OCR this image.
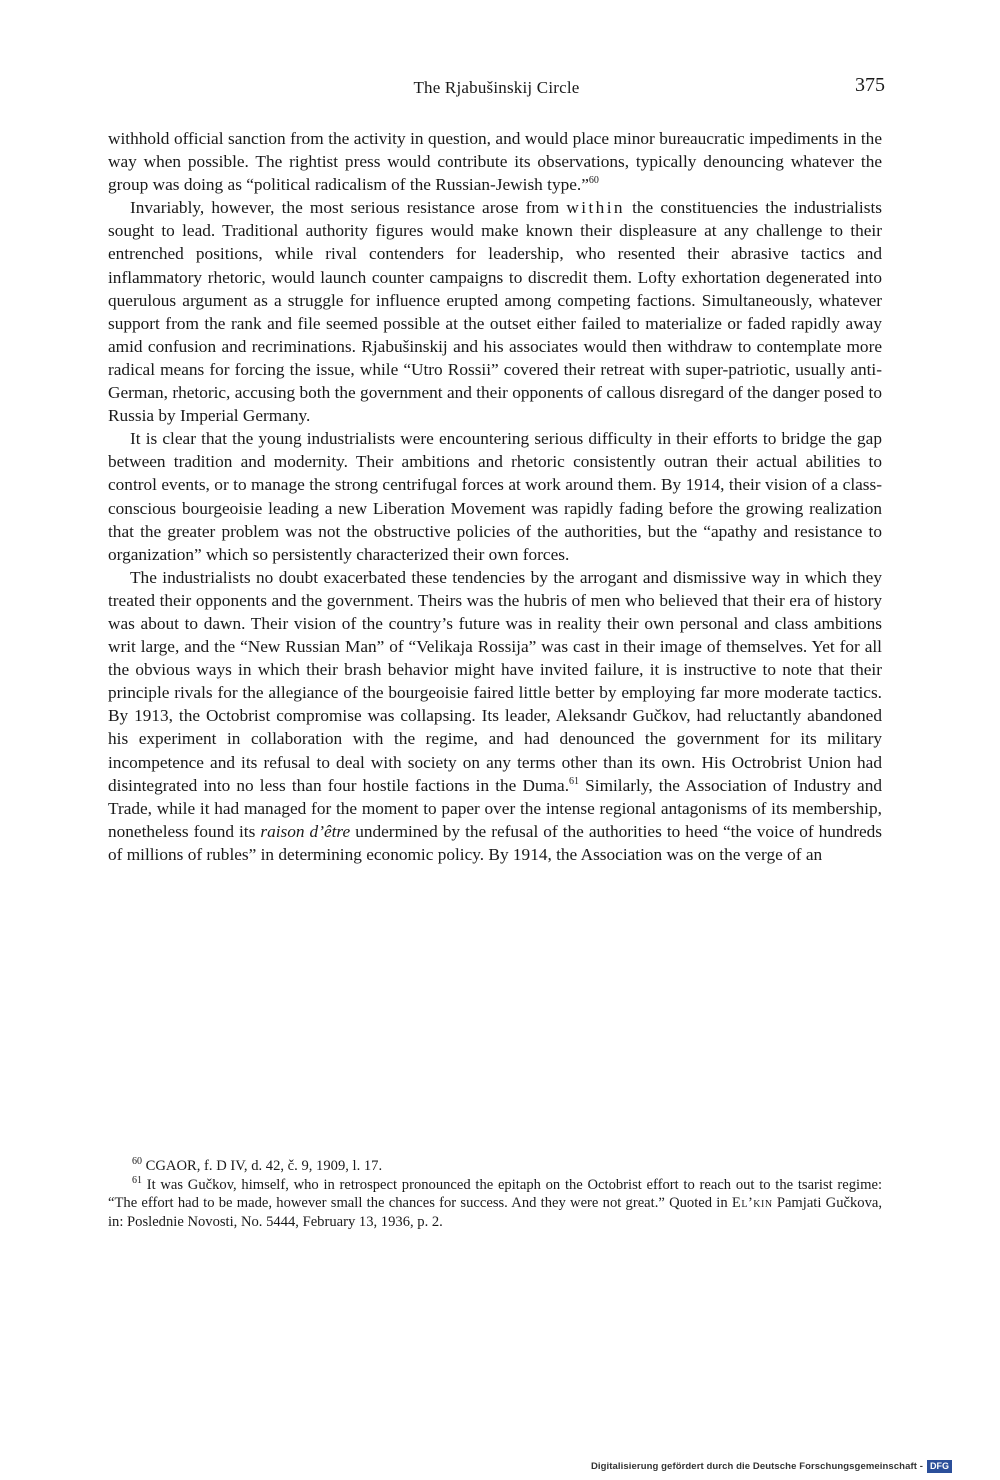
The Rjabušinskij Circle	375

withhold official sanction from the activity in question, and would place minor bureaucratic impediments in the way when possible. The rightist press would contribute its observations, typically denouncing whatever the group was doing as “political radicalism of the Russian-Jewish type.”$^{60}$

Invariably, however, the most serious resistance arose from within the constituencies the industrialists sought to lead. Traditional authority figures would make known their displeasure at any challenge to their entrenched positions, while rival contenders for leadership, who resented their abrasive tactics and inflammatory rhetoric, would launch counter campaigns to discredit them. Lofty exhortation degenerated into querulous argument as a struggle for influence erupted among competing factions. Simultaneously, whatever support from the rank and file seemed possible at the outset either failed to materialize or faded rapidly away amid confusion and recriminations. Rjabušinskij and his associates would then withdraw to contemplate more radical means for forcing the issue, while “Utro Rossii” covered their retreat with super-patriotic, usually anti-German, rhetoric, accusing both the government and their opponents of callous disregard of the danger posed to Russia by Imperial Germany.

It is clear that the young industrialists were encountering serious difficulty in their efforts to bridge the gap between tradition and modernity. Their ambitions and rhetoric consistently outran their actual abilities to control events, or to manage the strong centrifugal forces at work around them. By 1914, their vision of a class-conscious bourgeoisie leading a new Liberation Movement was rapidly fading before the growing realization that the greater problem was not the obstructive policies of the authorities, but the “apathy and resistance to organization” which so persistently characterized their own forces.

The industrialists no doubt exacerbated these tendencies by the arrogant and dismissive way in which they treated their opponents and the government. Theirs was the hubris of men who believed that their era of history was about to dawn. Their vision of the country’s future was in reality their own personal and class ambitions writ large, and the “New Russian Man” of “Velikaja Rossija” was cast in their image of themselves. Yet for all the obvious ways in which their brash behavior might have invited failure, it is instructive to note that their principle rivals for the allegiance of the bourgeoisie faired little better by employing far more moderate tactics. By 1913, the Octobrist compromise was collapsing. Its leader, Aleksandr Gučkov, had reluctantly abandoned his experiment in collaboration with the regime, and had denounced the government for its military incompetence and its refusal to deal with society on any terms other than its own. His Octrobrist Union had disintegrated into no less than four hostile factions in the Duma.$^{61}$ Similarly, the Association of Industry and Trade, while it had managed for the moment to paper over the intense regional antagonisms of its membership, nonetheless found its raison d’être undermined by the refusal of the authorities to heed “the voice of hundreds of millions of rubles” in determining economic policy. By 1914, the Association was on the verge of an

$^{60}$ CGAOR, f. D IV, d. 42, č. 9, 1909, l. 17.

$^{61}$ It was Gučkov, himself, who in retrospect pronounced the epitaph on the Octobrist effort to reach out to the tsarist regime: “The effort had to be made, however small the chances for success. And they were not great.” Quoted in El’kin Pamjati Gučkova, in: Poslednie Novosti, No. 5444, February 13, 1936, p. 2.

Digitalisierung gefördert durch die Deutsche Forschungsgemeinschaft - DFG
